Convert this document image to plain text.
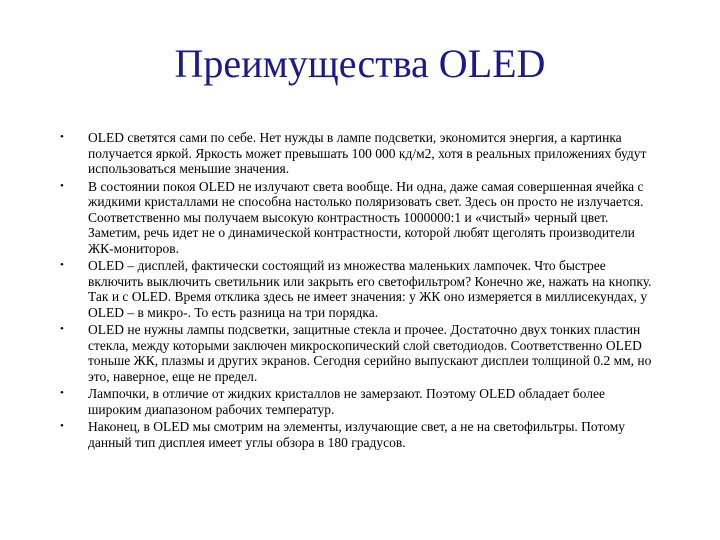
Преимущества OLED
• OLED светятся сами по себе. Нет нужды в лампе подсветки, экономится энергия, а картинка получается яркой. Яркость может превышать 100 000 кд/м2, хотя в реальных приложениях будут использоваться меньшие значения.
• В состоянии покоя OLED не излучают света вообще. Ни одна, даже самая совершенная ячейка с жидкими кристаллами не способна настолько поляризовать свет. Здесь он просто не излучается. Соответственно мы получаем высокую контрастность 1000000:1 и «чистый» черный цвет. Заметим, речь идет не о динамической контрастности, которой любят щеголять производители ЖК-мониторов.
• OLED – дисплей, фактически состоящий из множества маленьких лампочек. Что быстрее включить выключить светильник или закрыть его светофильтром? Конечно же, нажать на кнопку. Так и с OLED. Время отклика здесь не имеет значения: у ЖК оно измеряется в миллисекундах, у OLED – в микро-. То есть разница на три порядка.
• OLED не нужны лампы подсветки, защитные стекла и прочее. Достаточно двух тонких пластин стекла, между которыми заключен микроскопический слой светодиодов. Соответственно OLED тоньше ЖК, плазмы и других экранов. Сегодня серийно выпускают дисплеи толщиной 0.2 мм, но это, наверное, еще не предел.
• Лампочки, в отличие от жидких кристаллов не замерзают. Поэтому OLED обладает более широким диапазоном рабочих температур.
• Наконец, в OLED мы смотрим на элементы, излучающие свет, а не на светофильтры. Потому данный тип дисплея имеет углы обзора в 180 градусов.
